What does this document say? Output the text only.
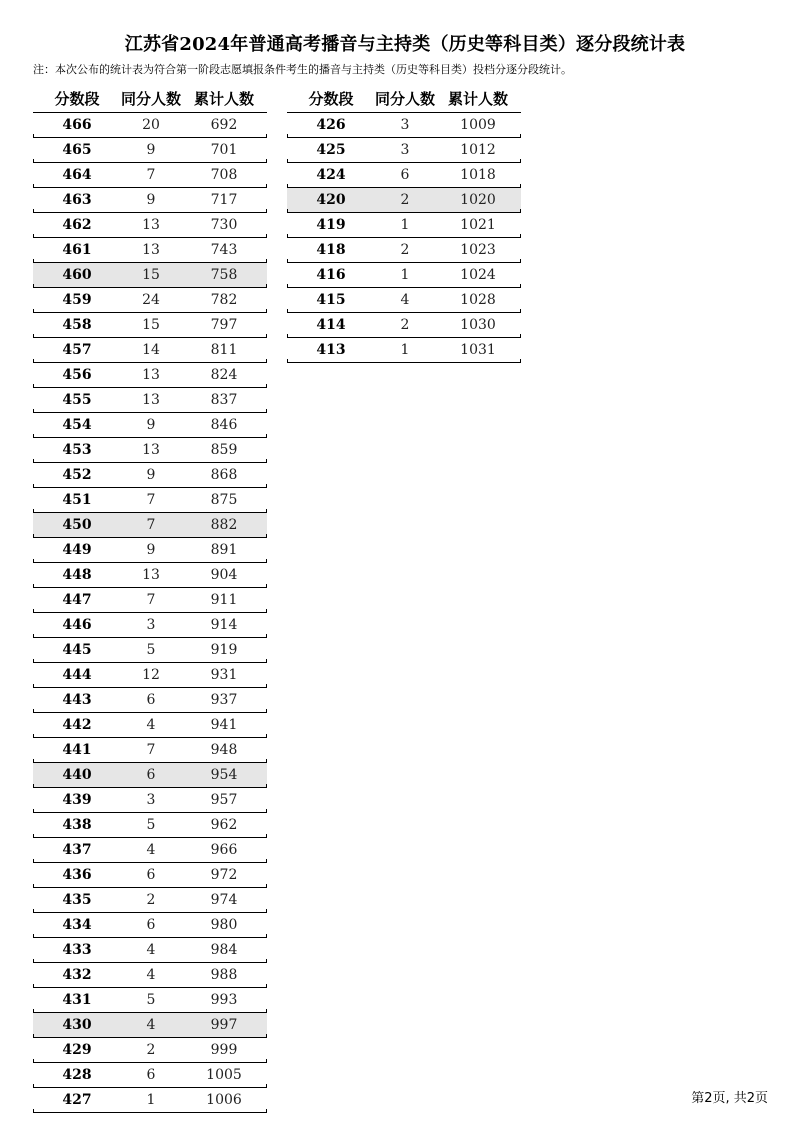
江苏省2024年普通高考播音与主持类（历史等科目类）逐分段统计表
注：本次公布的统计表为符合第一阶段志愿填报条件考生的播音与主持类（历史等科目类）投档分逐分段统计。
分数段	同分人数 累计人数
466	20	692
465	9	701
464	7	708
463	9	717
462	13	730
461	13	743
460	15	758
459	24	782
458	15	797
457	14	811
456	13	824
455	13	837
454	9	846
453	13	859
452	9	868
451	7	875
450	7	882
449	9	891
448	13	904
447	7	911
446	3	914
445	5	919
444	12	931
443	6	937
442	4	941
441	7	948
440	6	954
439	3	957
438	5	962
437	4	966
436	6	972
435	2	974
434	6	980
433	4	984
432	4	988
431	5	993
430	4	997
429	2	999
428	6	1005
427	1	1006
分数段	同分人数 累计人数
426	3	1009
425	3	1012
424	6	1018
420	2	1020
419	1	1021
418	2	1023
416	1	1024
415	4	1028
414	2	1030
413	1	1031
第2页, 共2页
